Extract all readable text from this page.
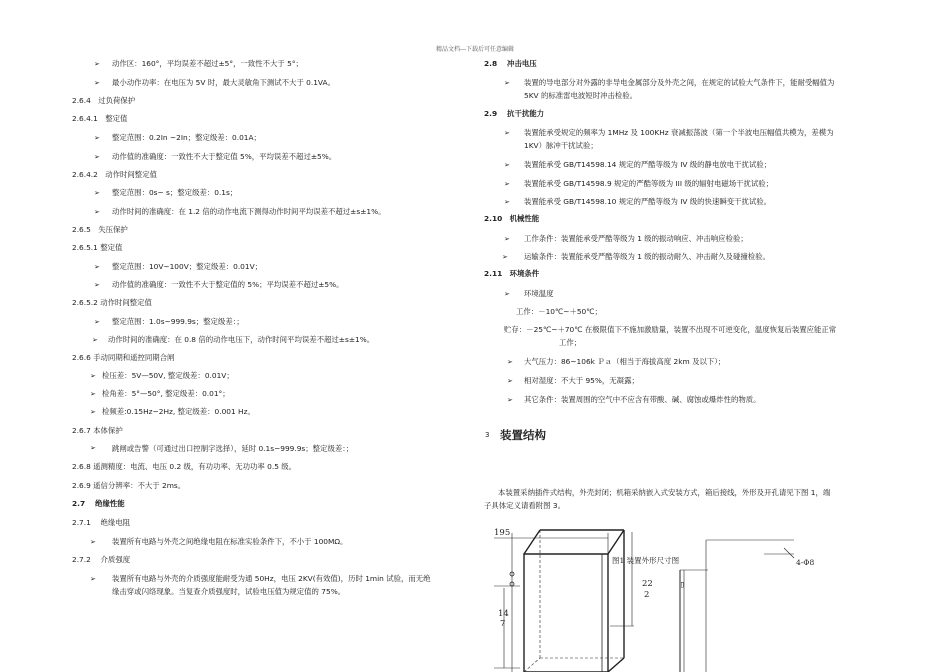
精品文档---下载后可任意编辑
➢ 动作区：160°，平均误差不超过±5°，一致性不大于 5°；
➢ 最小动作功率：在电压为 5V 时，最大灵敏角下测试不大于 0.1VA。
2.6.4　过负荷保护
2.6.4.1　整定值
➢ 整定范围：0.2In ~2In；整定级差：0.01A；
➢ 动作值的准确度：一致性不大于整定值 5%，平均误差不超过±5%。
2.6.4.2　动作时间整定值
➢ 整定范围：0s~ s；整定级差：0.1s；
➢ 动作时间的准确度：在 1.2 倍的动作电流下测得动作时间平均误差不超过±s±1%。
2.6.5　失压保护
2.6.5.1 整定值
➢ 整定范围：10V~100V；整定级差：0.01V；
➢ 动作值的准确度：一致性不大于整定值的 5%；平均误差不超过±5%。
2.6.5.2 动作时间整定值
➢ 整定范围：1.0s~999.9s；整定级差：；
➢ 动作时间的准确度：在 0.8 倍的动作电压下，动作时间平均误差不超过±s±1%。
2.6.6 手动同期和遥控同期合闸
➢ 检压差：5V—50V, 整定级差：0.01V；
➢ 检角差：5°—50°, 整定级差：0.01°；
➢ 检频差:0.15Hz~2Hz, 整定级差：0.001 Hz。
2.6.7 本体保护
➢ 跳闸或告警（可通过出口控制字选择），延时 0.1s~999.9s；整定级差：；
2.6.8 遥测精度：电流、电压 0.2 级，有功功率、无功功率 0.5 级。
2.6.9 遥信分辨率：不大于 2ms。
2.7　 绝缘性能
2.7.1　 绝缘电阻
➢ 装置所有电路与外壳之间绝缘电阻在标准实验条件下，不小于 100MΩ。
2.7.2　 介质强度
➢ 装置所有电路与外壳的介质强度能耐受为通 50Hz，电压 2KV(有效值)，历时 1min 试验，而无绝
缘击穿或闪络现象。当复查介质强度时，试验电压值为规定值的 75%。
2.8　 冲击电压
➢ 装置的导电部分对外露的非导电金属部分及外壳之间，在规定的试验大气条件下，能耐受幅值为
5KV 的标准雷电波短时冲击检验。
2.9　 抗干扰能力
➢ 装置能承受规定的频率为 1MHz 及 100KHz 衰减振荡波（第一个半波电压幅值共模为，差模为
1KV）脉冲干扰试验；
➢ 装置能承受 GB/T14598.14 规定的严酷等级为 IV 级的静电放电干扰试验；
➢ 装置能承受 GB/T14598.9 规定的严酷等级为 III 级的辐射电磁场干扰试验；
➢ 装置能承受 GB/T14598.10 规定的严酷等级为 IV 级的快速瞬变干扰试验。
2.10　机械性能
➢ 工作条件：装置能承受严酷等级为 1 级的振动响应、冲击响应检验；
➢ 运输条件：装置能承受严酷等级为 1 级的振动耐久、冲击耐久及碰撞检验。
2.11　环境条件
➢ 环境温度
工作：－10℃~＋50℃；
贮存：－25℃~＋70℃ 在极限值下不施加激励量，装置不出现不可逆变化，温度恢复后装置应能正常
工作；
➢ 大气压力：86~106k Ｐａ（相当于海拔高度 2km 及以下）；
➢ 相对湿度：不大于 95%，无凝露；
➢ 其它条件：装置周围的空气中不应含有带酸、碱、腐蚀或爆炸性的物质。
3 装置结构
本装置采纳插件式结构，外壳封闭；机箱采纳嵌入式安装方式，箱后接线，外形及开孔请见下图 1，端
子具体定义请看附图 3。
195
图1 装置外形尺寸图
22
2
14
7
4-Φ8
▭
